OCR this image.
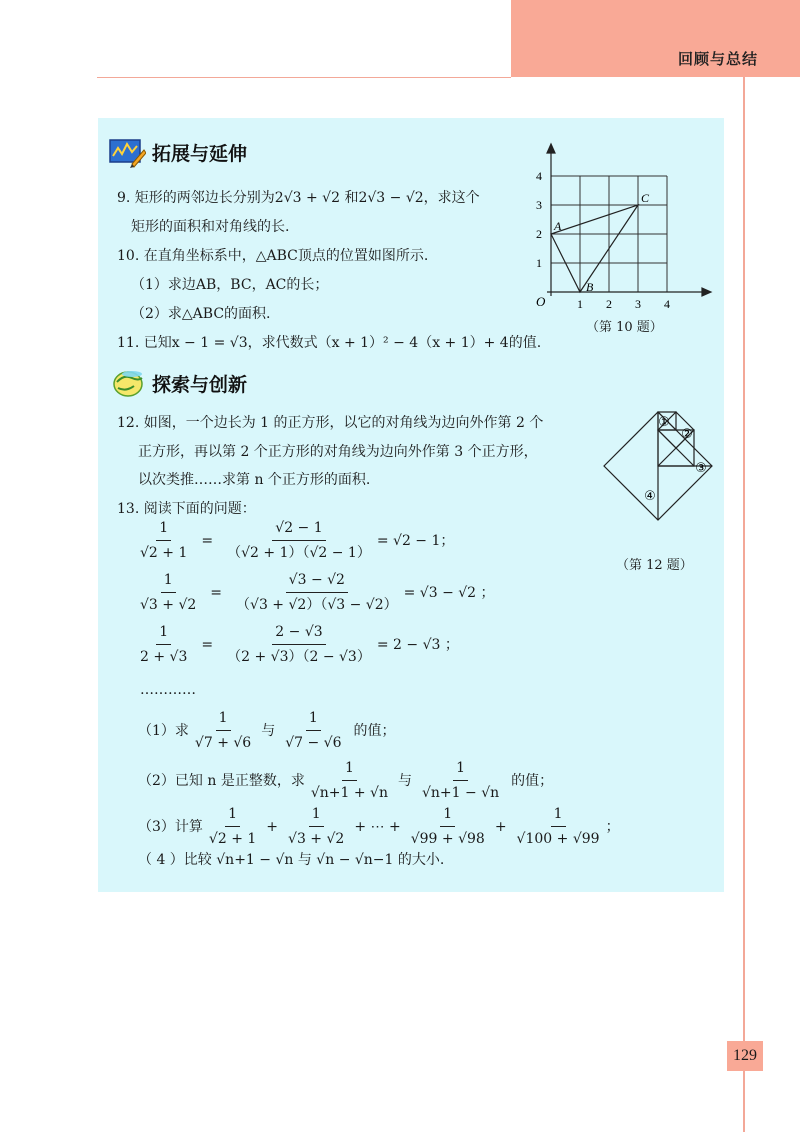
回顾与总结
拓展与延伸
9. 矩形的两邻边长分别为2√3 + √2 和2√3 − √2，求这个
矩形的面积和对角线的长.
10. 在直角坐标系中，△ABC顶点的位置如图所示.
（1）求边AB，BC，AC的长；
（2）求△ABC的面积.
11. 已知x − 1 = √3，求代数式（x + 1）² − 4（x + 1）+ 4的值.
O	1 2 3 4
1
2
3
4
A
B
C
（第 10 题）
探索与创新
12. 如图，一个边长为 1 的正方形，以它的对角线为边向外作第 2 个
正方形，再以第 2 个正方形的对角线为边向外作第 3 个正方形，
以次类推……求第 n 个正方形的面积.
①
②
③
④
（第 12 题）
13. 阅读下面的问题：
$\frac{1}{√2 + 1} = \frac{√2 - 1}{(√2 + 1)(√2 - 1)} = √2 - 1$；
$\frac{1}{√3 + √2} = \frac{√3 - √2}{(√3 + √2)(√3 - √2)} = √3 - √2$ ；
$\frac{1}{2 + √3} = \frac{2 - √3}{(2 + √3)(2 - √3)} = 2 - √3$ ；
…………
（1）求 $\frac{1}{√7 + √6}$ 与 $\frac{1}{√7 - √6}$ 的值；
（2）已知 n 是正整数，求 $\frac{1}{√n+1 + √n}$ 与 $\frac{1}{√n+1 - √n}$ 的值；
（3）计算 $\frac{1}{√2 + 1} + \frac{1}{√3 + √2}$ + ⋯ + $\frac{1}{√99 + √98} + \frac{1}{√100 + √99}$ ；
（ 4 ）比较 √n+1 − √n 与 √n − √n−1 的大小.
129
